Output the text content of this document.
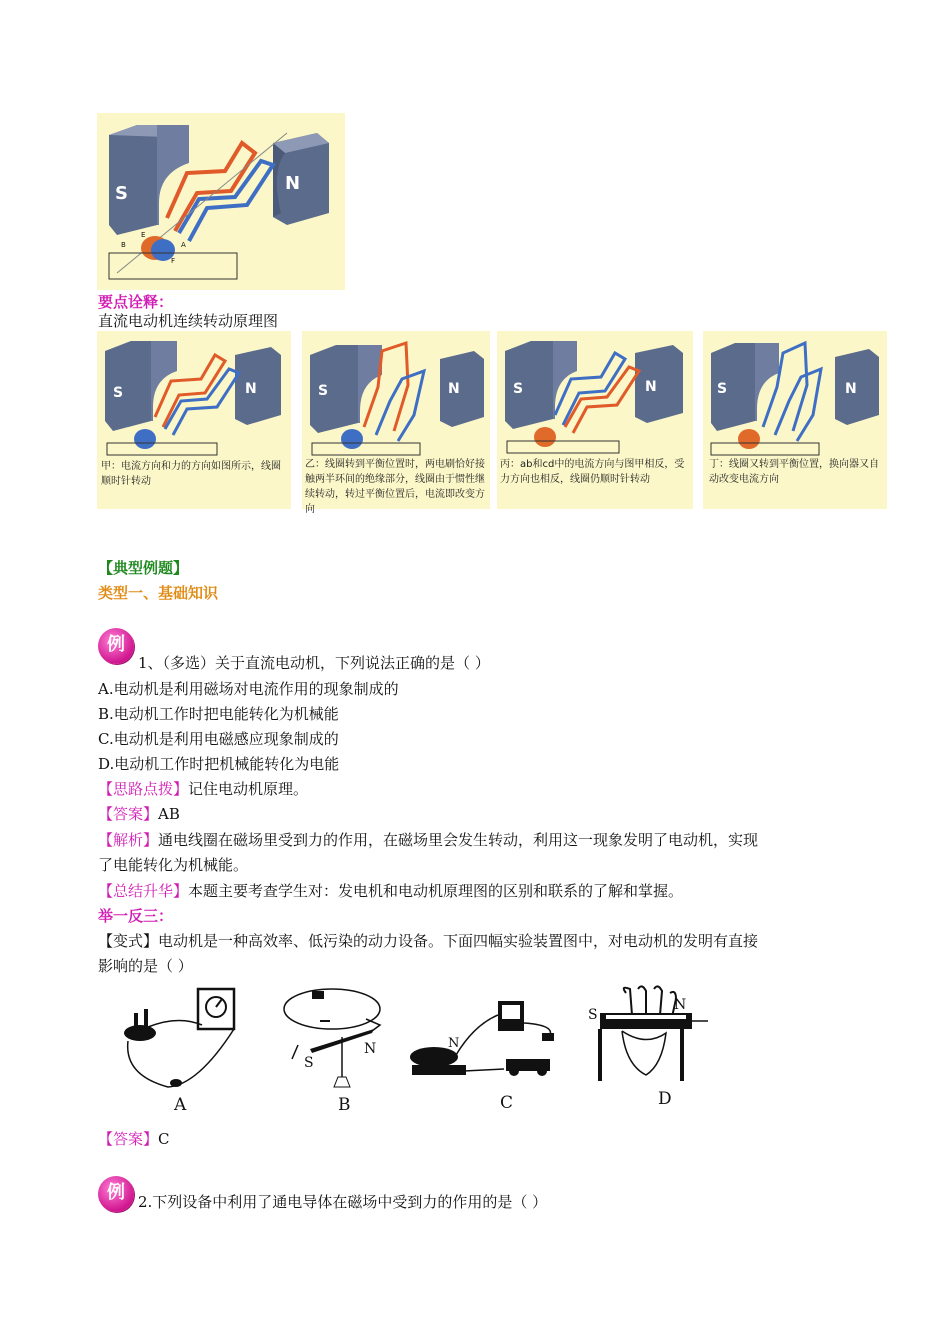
S	N
B	A
E
F
要点诠释：
直流电动机连续转动原理图
S	N
甲：电流方向和力的方向如图所示，线圈顺时针转动
S	N
乙：线圈转到平衡位置时，两电刷恰好接触两半环间的绝缘部分，线圈由于惯性继续转动，转过平衡位置后，电流即改变方向
S	N
丙：ab和cd中的电流方向与图甲相反，受力方向也相反，线圈仍顺时针转动
S	N
丁：线圈又转到平衡位置，换向器又自动改变电流方向
【典型例题】
类型一、基础知识
例
1、（多选）关于直流电动机，下列说法正确的是（ ）
A.电动机是利用磁场对电流作用的现象制成的
B.电动机工作时把电能转化为机械能
C.电动机是利用电磁感应现象制成的
D.电动机工作时把机械能转化为电能
【思路点拨】记住电动机原理。
【答案】AB
【解析】通电线圈在磁场里受到力的作用，在磁场里会发生转动，利用这一现象发明了电动机，实现
了电能转化为机械能。
【总结升华】本题主要考查学生对：发电机和电动机原理图的区别和联系的了解和掌握。
举一反三：
【变式】电动机是一种高效率、低污染的动力设备。下面四幅实验装置图中，对电动机的发明有直接
影响的是（ ）
A
S
N
B
N
C
S
N
D
【答案】C
例 2.下列设备中利用了通电导体在磁场中受到力的作用的是（ ）
